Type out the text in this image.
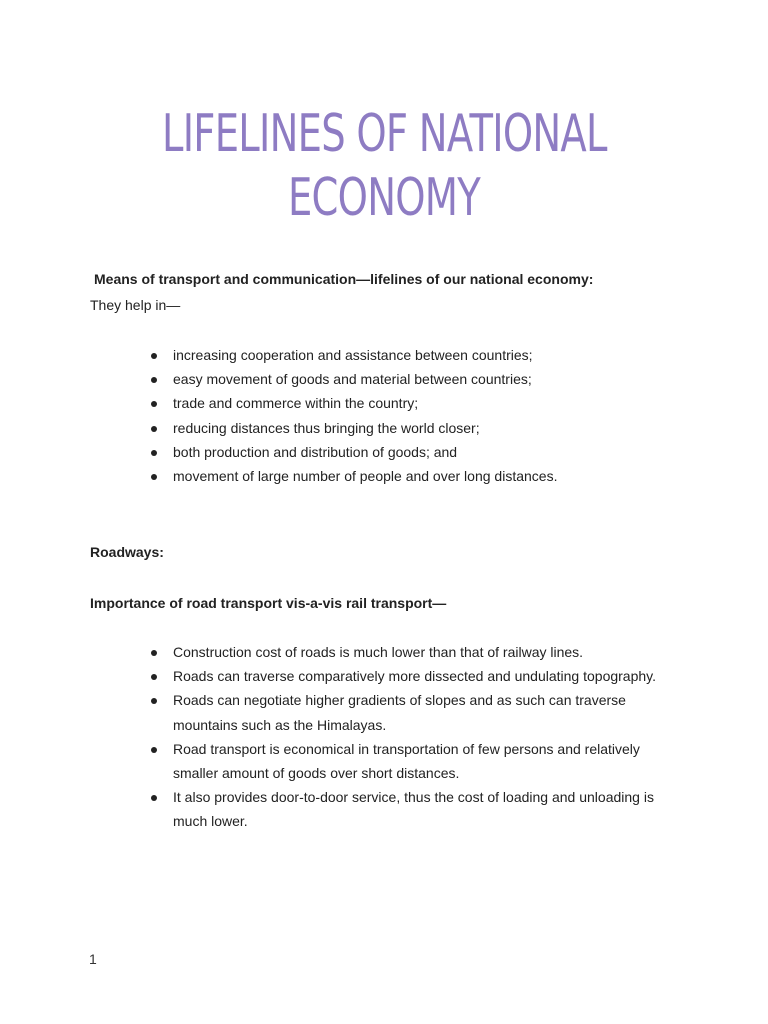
LIFELINES OF NATIONAL
ECONOMY
Means of transport and communication—lifelines of our national economy:
They help in—
increasing cooperation and assistance between countries;
easy movement of goods and material between countries;
trade and commerce within the country;
reducing distances thus bringing the world closer;
both production and distribution of goods; and
movement of large number of people and over long distances.
Roadways:
Importance of road transport vis-a-vis rail transport—
Construction cost of roads is much lower than that of railway lines.
Roads can traverse comparatively more dissected and undulating topography.
Roads can negotiate higher gradients of slopes and as such can traverse mountains such as the Himalayas.
Road transport is economical in transportation of few persons and relatively smaller amount of goods over short distances.
It also provides door-to-door service, thus the cost of loading and unloading is much lower.
1
